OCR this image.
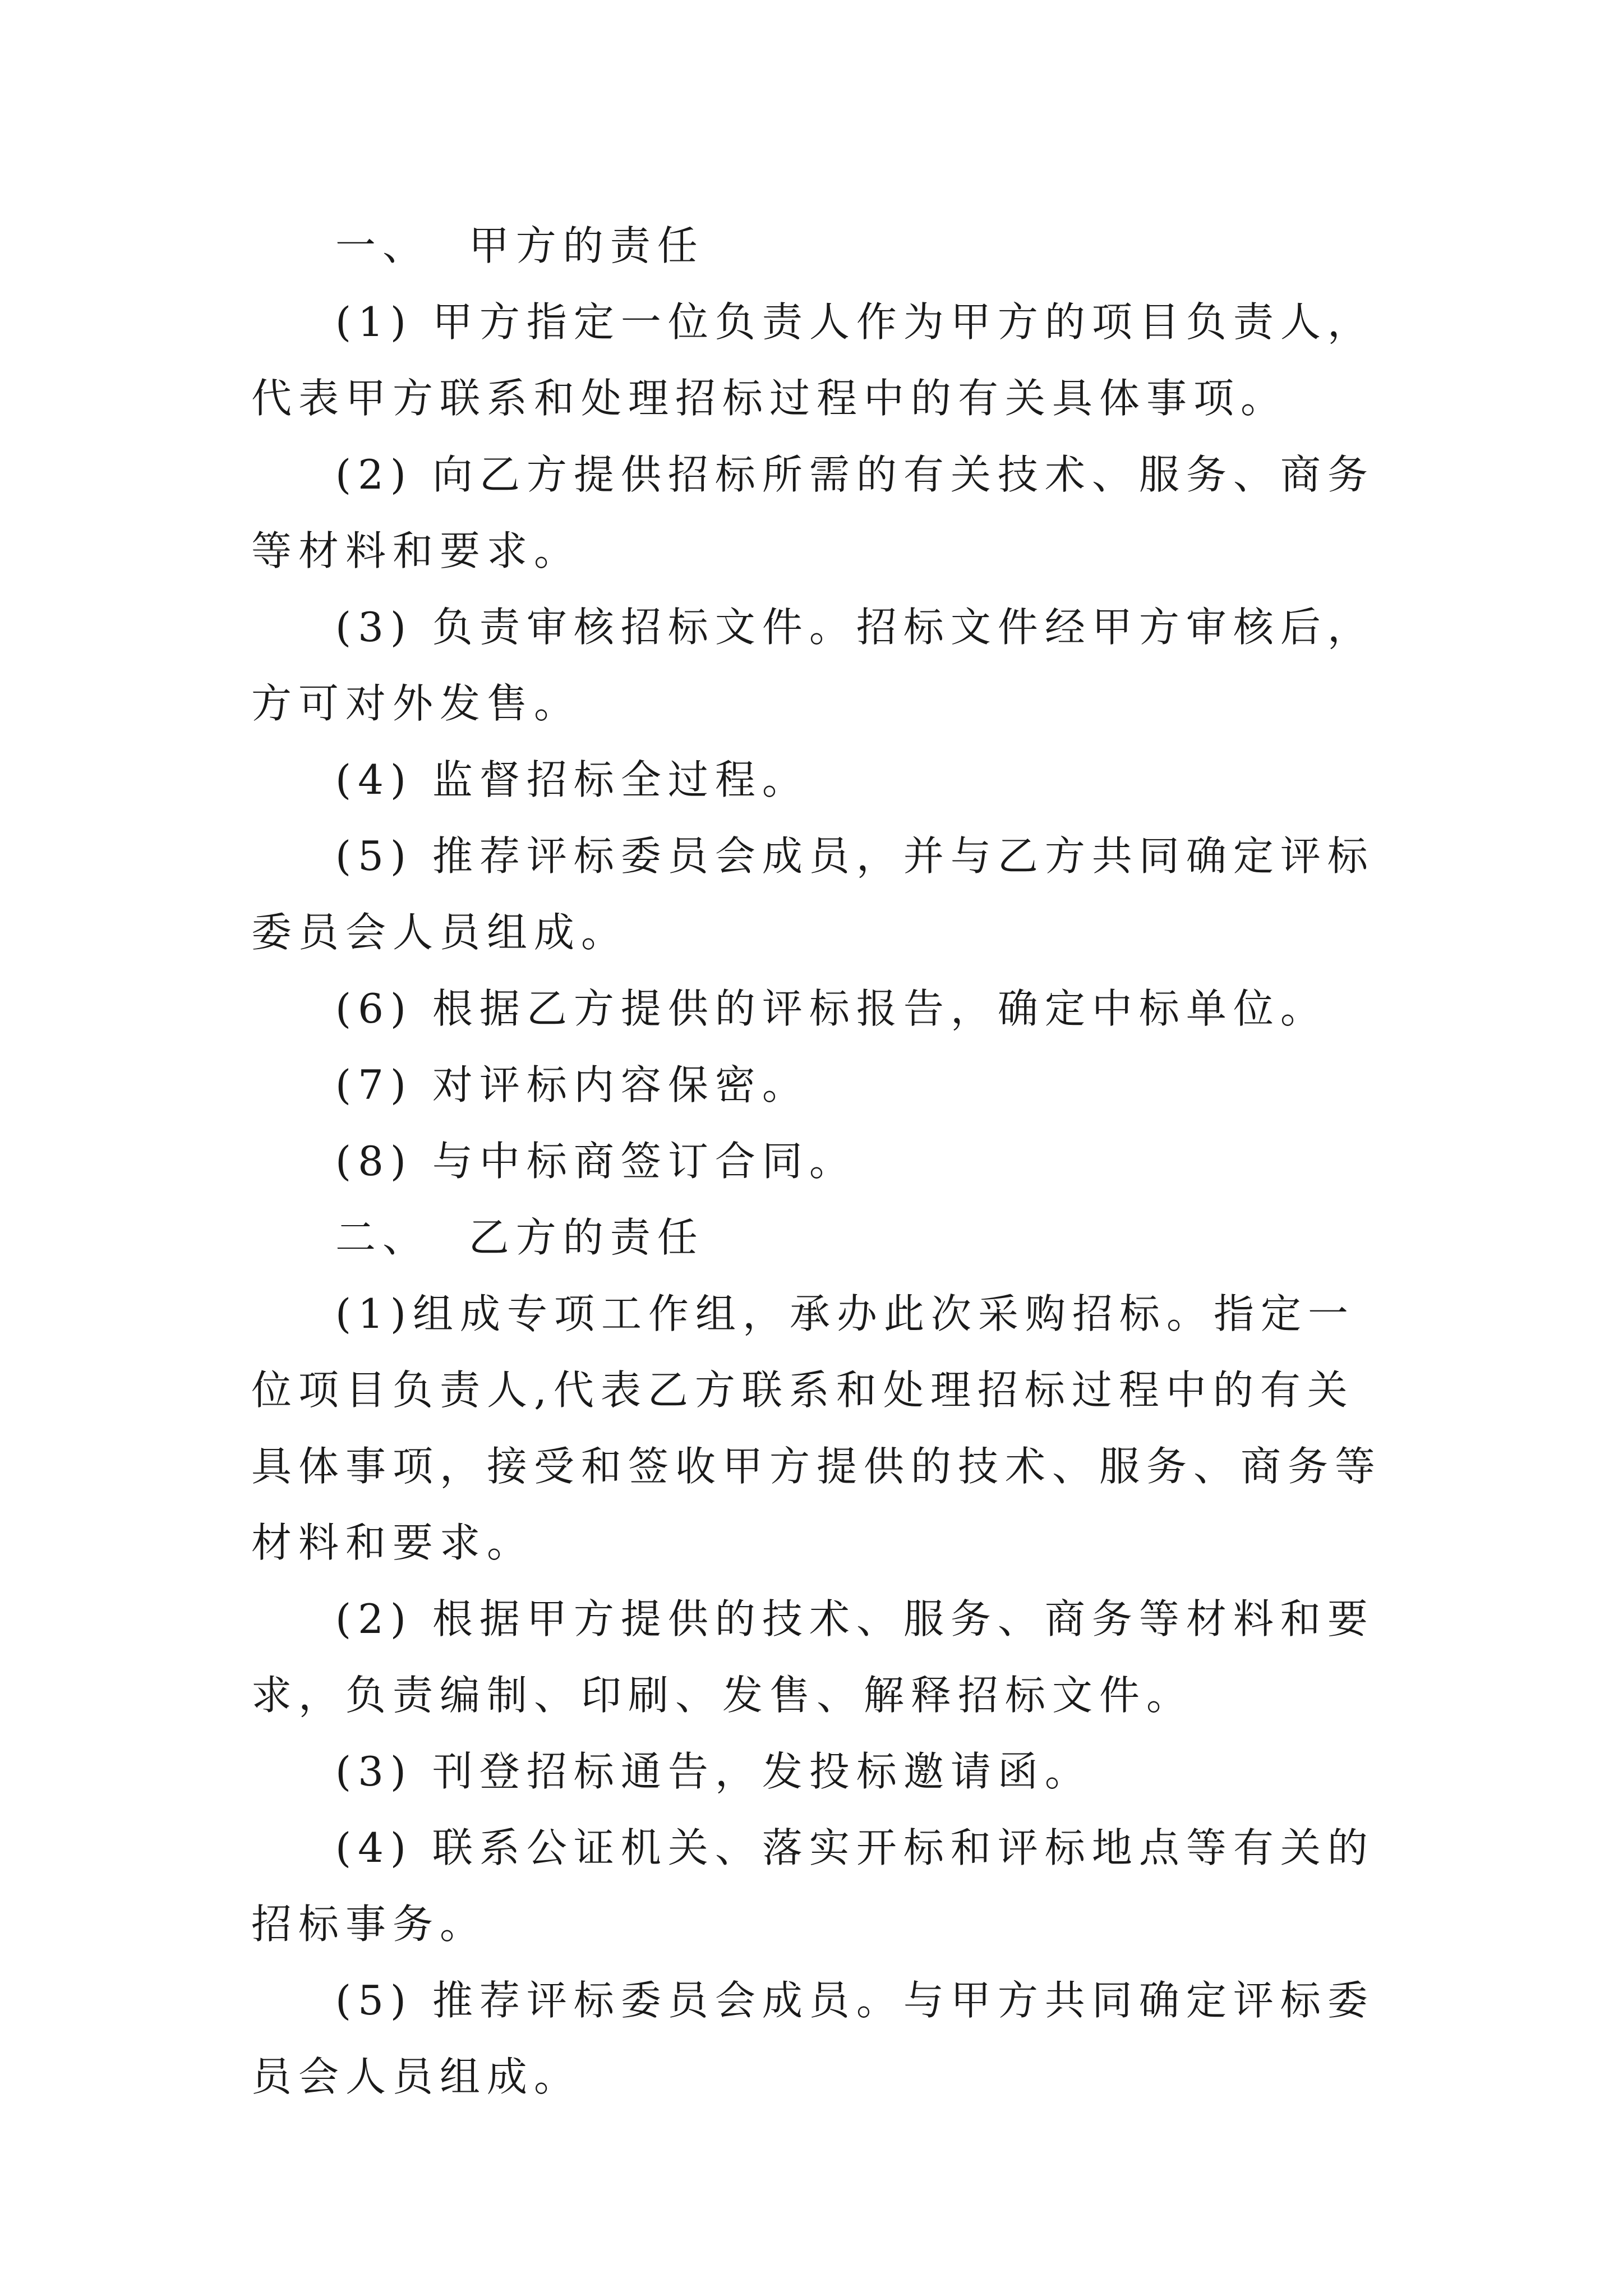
一、  甲方的责任

(1) 甲方指定一位负责人作为甲方的项目负责人，代表甲方联系和处理招标过程中的有关具体事项。

(2) 向乙方提供招标所需的有关技术、服务、商务等材料和要求。

(3) 负责审核招标文件。招标文件经甲方审核后，方可对外发售。

(4) 监督招标全过程。

(5) 推荐评标委员会成员，并与乙方共同确定评标委员会人员组成。

(6) 根据乙方提供的评标报告，确定中标单位。

(7) 对评标内容保密。

(8) 与中标商签订合同。

二、  乙方的责任

(1)组成专项工作组，承办此次采购招标。指定一位项目负责人,代表乙方联系和处理招标过程中的有关具体事项，接受和签收甲方提供的技术、服务、商务等材料和要求。

(2) 根据甲方提供的技术、服务、商务等材料和要求，负责编制、印刷、发售、解释招标文件。

(3) 刊登招标通告，发投标邀请函。

(4) 联系公证机关、落实开标和评标地点等有关的招标事务。

(5) 推荐评标委员会成员。与甲方共同确定评标委员会人员组成。
